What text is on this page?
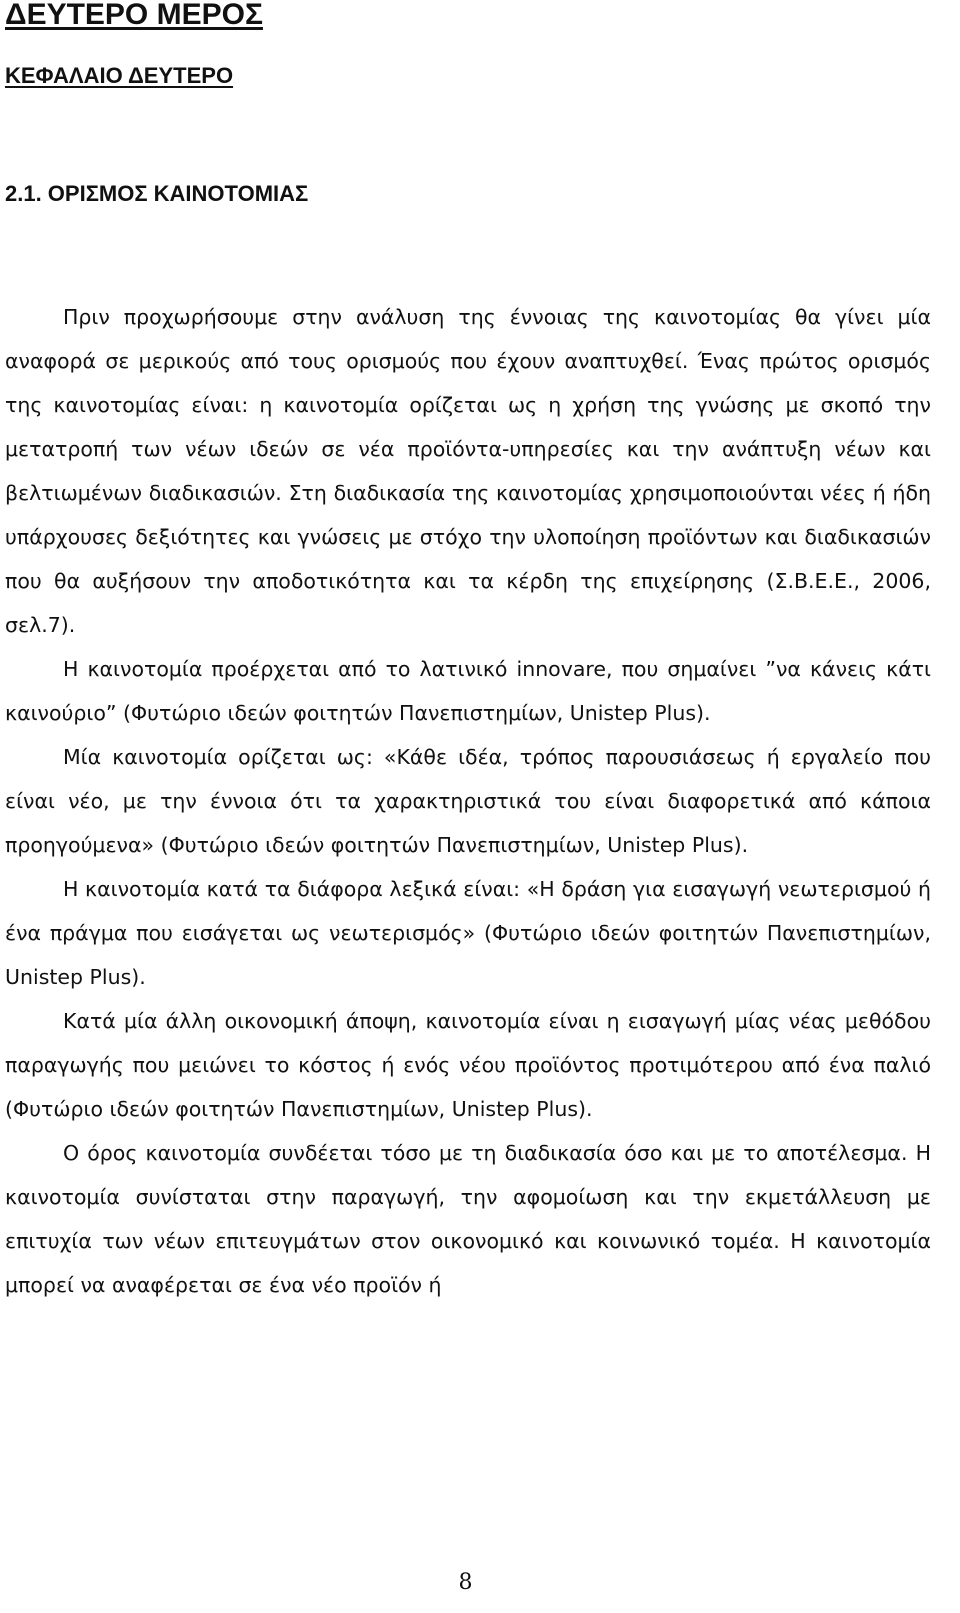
ΔΕΥΤΕΡΟ ΜΕΡΟΣ
ΚΕΦΑΛΑΙΟ ΔΕΥΤΕΡΟ
2.1. ΟΡΙΣΜΟΣ ΚΑΙΝΟΤΟΜΙΑΣ

Πριν προχωρήσουμε στην ανάλυση της έννοιας της καινοτομίας θα γίνει μία αναφορά σε μερικούς από τους ορισμούς που έχουν αναπτυχθεί. Ένας πρώτος ορισμός της καινοτομίας είναι: η καινοτομία ορίζεται ως η χρήση της γνώσης με σκοπό την μετατροπή των νέων ιδεών σε νέα προϊόντα-υπηρεσίες και την ανάπτυξη νέων και βελτιωμένων διαδικασιών. Στη διαδικασία της καινοτομίας χρησιμοποιούνται νέες ή ήδη υπάρχουσες δεξιότητες και γνώσεις με στόχο την υλοποίηση προϊόντων και διαδικασιών που θα αυξήσουν την αποδοτικότητα και τα κέρδη της επιχείρησης (Σ.Β.Ε.Ε., 2006, σελ.7).

Η καινοτομία προέρχεται από το λατινικό innovare, που σημαίνει ”να κάνεις κάτι καινούριο” (Φυτώριο ιδεών φοιτητών Πανεπιστημίων, Unistep Plus).

Μία καινοτομία ορίζεται ως: «Κάθε ιδέα, τρόπος παρουσιάσεως ή εργαλείο που είναι νέο, με την έννοια ότι τα χαρακτηριστικά του είναι διαφορετικά από κάποια προηγούμενα» (Φυτώριο ιδεών φοιτητών Πανεπιστημίων, Unistep Plus).

Η καινοτομία κατά τα διάφορα λεξικά είναι: «Η δράση για εισαγωγή νεωτερισμού ή ένα πράγμα που εισάγεται ως νεωτερισμός» (Φυτώριο ιδεών φοιτητών Πανεπιστημίων, Unistep Plus).

Κατά μία άλλη οικονομική άποψη, καινοτομία είναι η εισαγωγή μίας νέας μεθόδου παραγωγής που μειώνει το κόστος ή ενός νέου προϊόντος προτιμότερου από ένα παλιό (Φυτώριο ιδεών φοιτητών Πανεπιστημίων, Unistep Plus).

Ο όρος καινοτομία συνδέεται τόσο με τη διαδικασία όσο και με το αποτέλεσμα. Η καινοτομία συνίσταται στην παραγωγή, την αφομοίωση και την εκμετάλλευση με επιτυχία των νέων επιτευγμάτων στον οικονομικό και κοινωνικό τομέα. Η καινοτομία μπορεί να αναφέρεται σε ένα νέο προϊόν ή

8
